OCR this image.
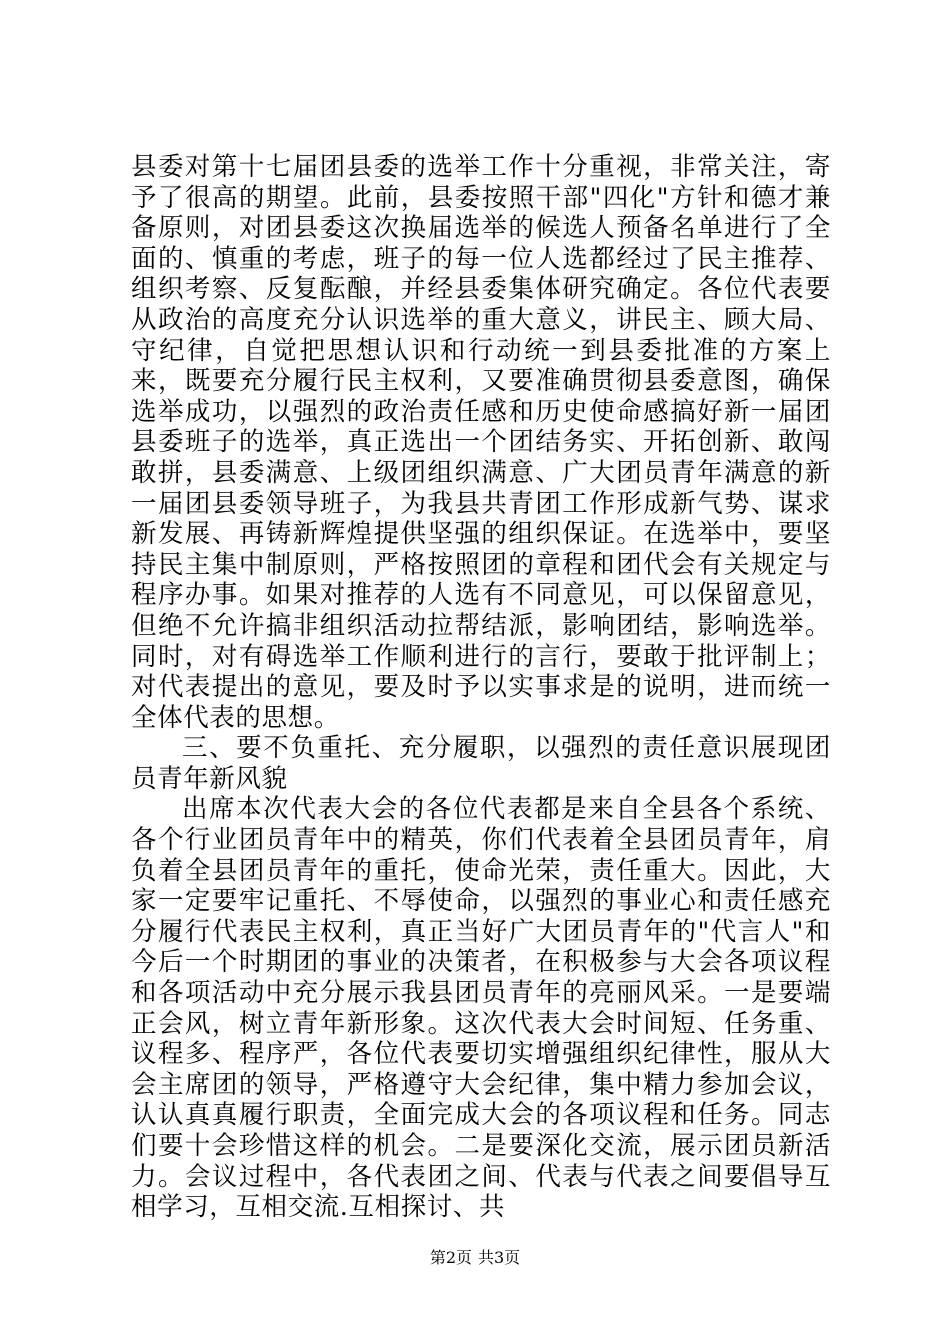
县委对第十七届团县委的选举工作十分重视，非常关注，寄予了很高的期望。此前，县委按照干部"四化"方针和德才兼备原则，对团县委这次换届选举的候选人预备名单进行了全面的、慎重的考虑，班子的每一位人选都经过了民主推荐、组织考察、反复酝酿，并经县委集体研究确定。各位代表要从政治的高度充分认识选举的重大意义，讲民主、顾大局、守纪律，自觉把思想认识和行动统一到县委批准的方案上来，既要充分履行民主权利，又要准确贯彻县委意图，确保选举成功，以强烈的政治责任感和历史使命感搞好新一届团县委班子的选举，真正选出一个团结务实、开拓创新、敢闯敢拼，县委满意、上级团组织满意、广大团员青年满意的新一届团县委领导班子，为我县共青团工作形成新气势、谋求新发展、再铸新辉煌提供坚强的组织保证。在选举中，要坚持民主集中制原则，严格按照团的章程和团代会有关规定与程序办事。如果对推荐的人选有不同意见，可以保留意见，但绝不允许搞非组织活动拉帮结派，影响团结，影响选举。同时，对有碍选举工作顺利进行的言行，要敢于批评制上；对代表提出的意见，要及时予以实事求是的说明，进而统一全体代表的思想。

三、要不负重托、充分履职，以强烈的责任意识展现团员青年新风貌

出席本次代表大会的各位代表都是来自全县各个系统、各个行业团员青年中的精英，你们代表着全县团员青年，肩负着全县团员青年的重托，使命光荣，责任重大。因此，大家一定要牢记重托、不辱使命，以强烈的事业心和责任感充分履行代表民主权利，真正当好广大团员青年的"代言人"和今后一个时期团的事业的决策者，在积极参与大会各项议程和各项活动中充分展示我县团员青年的亮丽风采。一是要端正会风，树立青年新形象。这次代表大会时间短、任务重、议程多、程序严，各位代表要切实增强组织纪律性，服从大会主席团的领导，严格遵守大会纪律，集中精力参加会议，认认真真履行职责，全面完成大会的各项议程和任务。同志们要十会珍惜这样的机会。二是要深化交流，展示团员新活力。会议过程中，各代表团之间、代表与代表之间要倡导互相学习，互相交流.互相探讨、共

第2页 共3页
